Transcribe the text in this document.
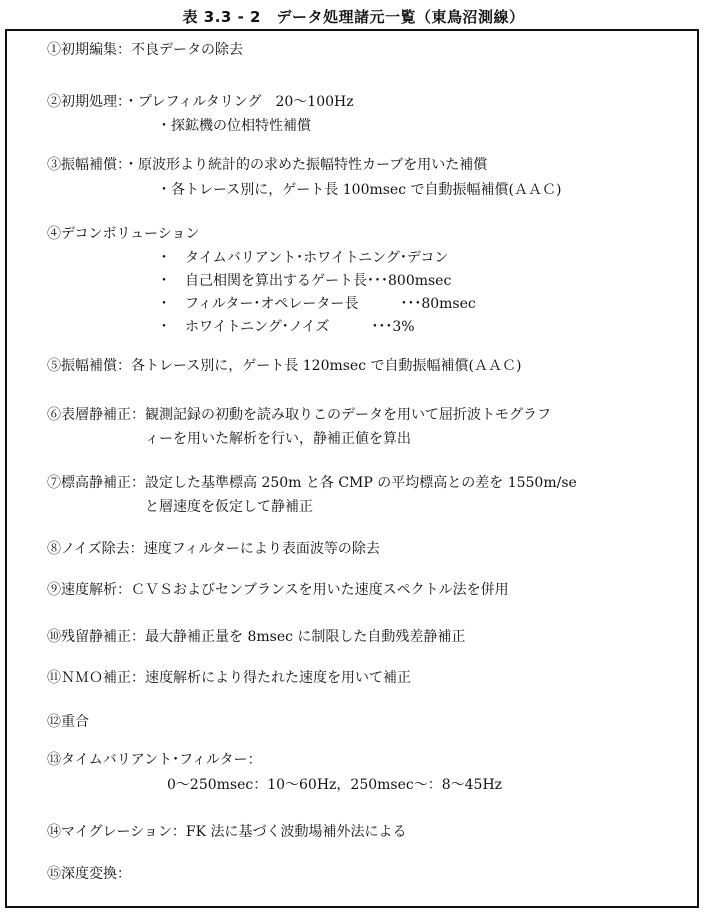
表 3.3 - 2　データ処理諸元一覧（東鳥沼測線）
①初期編集：不良データの除去
②初期処理：・プレフィルタリング　20～100Hz
・探鉱機の位相特性補償
③振幅補償：・原波形より統計的の求めた振幅特性カーブを用いた補償
・各トレース別に，ゲート長 100msec で自動振幅補償(ＡＡＣ)
④デコンボリューション
・　タイムバリアント･ホワイトニング･デコン
・　自己相関を算出するゲート長･･･800msec
・　フィルター･オペレーター長　　　･･･80msec
・　ホワイトニング･ノイズ　　　･･･3%
⑤振幅補償：各トレース別に，ゲート長 120msec で自動振幅補償(ＡＡＣ)
⑥表層静補正：観測記録の初動を読み取りこのデータを用いて屈折波トモグラフ
ィーを用いた解析を行い，静補正値を算出
⑦標高静補正：設定した基準標高 250m と各 CMP の平均標高との差を 1550m/se
と層速度を仮定して静補正
⑧ノイズ除去：速度フィルターにより表面波等の除去
⑨速度解析：ＣＶＳおよびセンブランスを用いた速度スペクトル法を併用
⑩残留静補正：最大静補正量を 8msec に制限した自動残差静補正
⑪ＮＭＯ補正：速度解析により得たれた速度を用いて補正
⑫重合
⑬タイムバリアント･フィルター：
0～250msec：10～60Hz，250msec～：8～45Hz
⑭マイグレーション：FK 法に基づく波動場補外法による
⑮深度変換：
